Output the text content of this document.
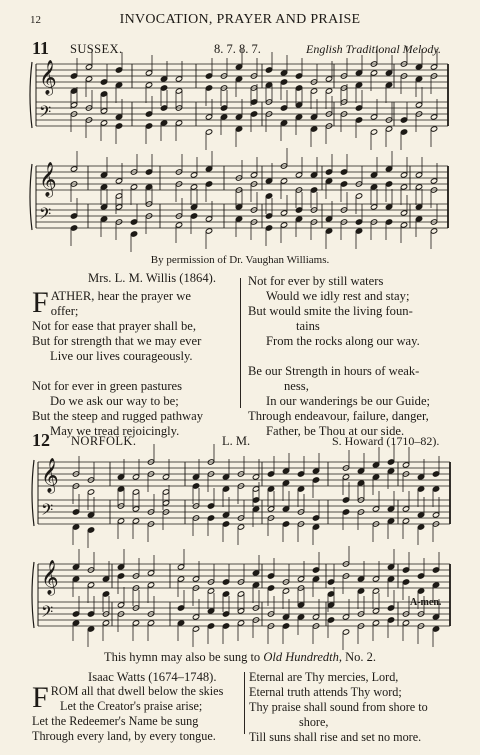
12	INVOCATION, PRAYER AND PRAISE
11 SUSSEX.	8. 7. 8. 7.	English Traditional Melody.
𝄞
𝄢
𝄞
𝄢
𝄞
𝄢
𝄞
𝄢
By permission of Dr. Vaughan Williams.
Mrs. L. M. Willis (1864).
F ATHER, hear the prayer we
offer;
Not for ease that prayer shall be,
But for strength that we may ever
Live our lives courageously.
Not for ever in green pastures
Do we ask our way to be;
But the steep and rugged pathway
May we tread rejoicingly.
Not for ever by still waters
Would we idly rest and stay;
But would smite the living foun-
tains
From the rocks along our way.
Be our Strength in hours of weak-
ness,
In our wanderings be our Guide;
Through endeavour, failure, danger,
Father, be Thou at our side.
12 NORFOLK.	L. M.	S. Howard (1710–82).
A-men.
This hymn may also be sung to Old Hundredth, No. 2.
Isaac Watts (1674–1748).
F ROM all that dwell below the skies
Let the Creator's praise arise;
Let the Redeemer's Name be sung
Through every land, by every tongue.
Eternal are Thy mercies, Lord,
Eternal truth attends Thy word;
Thy praise shall sound from shore to
shore,
Till suns shall rise and set no more.
